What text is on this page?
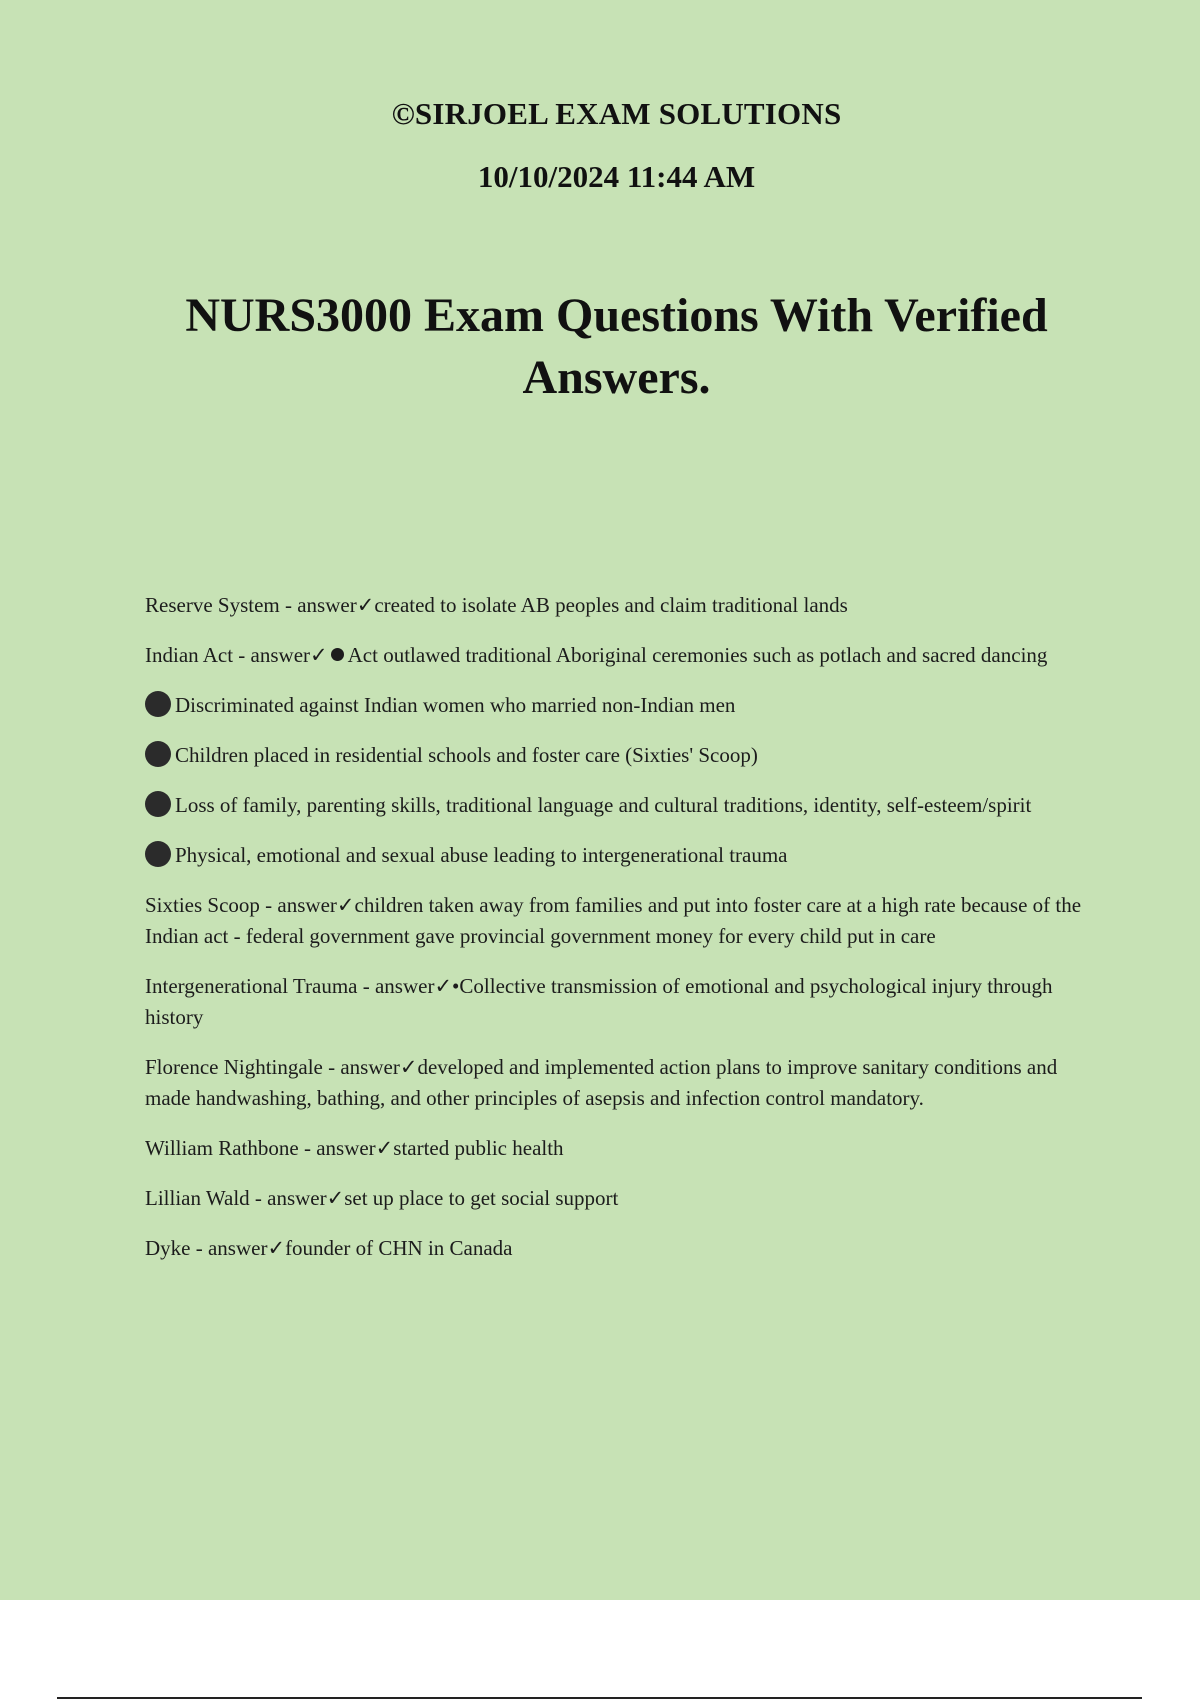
©SIRJOEL EXAM SOLUTIONS
10/10/2024 11:44 AM
NURS3000 Exam Questions With Verified Answers.

Reserve System - answer✓created to isolate AB peoples and claim traditional lands

Indian Act - answer✓ Act outlawed traditional Aboriginal ceremonies such as potlach and sacred dancing

Discriminated against Indian women who married non-Indian men

Children placed in residential schools and foster care (Sixties' Scoop)

Loss of family, parenting skills, traditional language and cultural traditions, identity, self-esteem/spirit

Physical, emotional and sexual abuse leading to intergenerational trauma

Sixties Scoop - answer✓children taken away from families and put into foster care at a high rate because of the Indian act - federal government gave provincial government money for every child put in care

Intergenerational Trauma - answer✓•Collective transmission of emotional and psychological injury through history

Florence Nightingale - answer✓developed and implemented action plans to improve sanitary conditions and made handwashing, bathing, and other principles of asepsis and infection control mandatory.

William Rathbone - answer✓started public health

Lillian Wald - answer✓set up place to get social support

Dyke - answer✓founder of CHN in Canada
